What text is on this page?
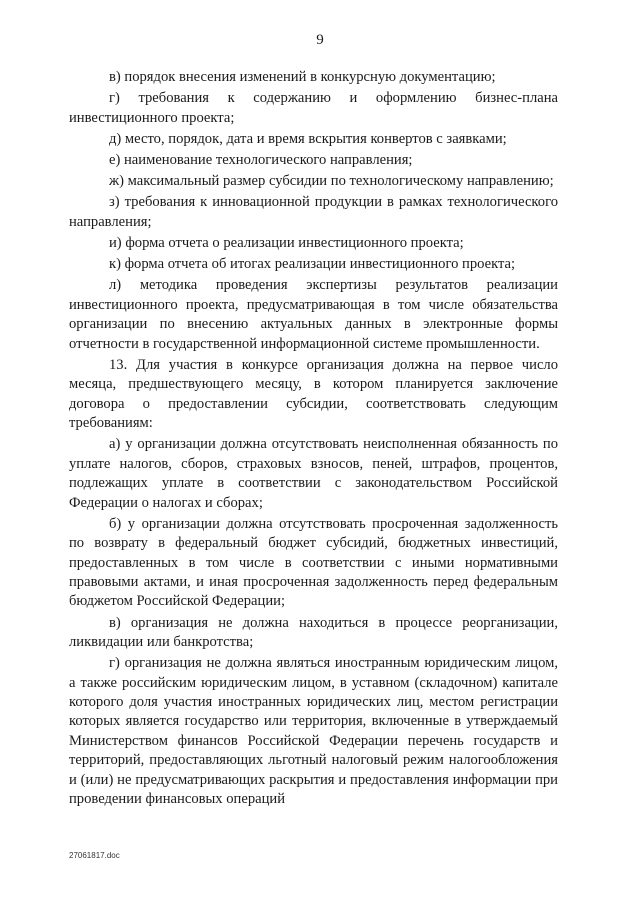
9

в) порядок внесения изменений в конкурсную документацию;

г) требования к содержанию и оформлению бизнес-плана инвестиционного проекта;

д) место, порядок, дата и время вскрытия конвертов с заявками;

е) наименование технологического направления;

ж) максимальный размер субсидии по технологическому направлению;

з) требования к инновационной продукции в рамках технологического направления;

и) форма отчета о реализации инвестиционного проекта;

к) форма отчета об итогах реализации инвестиционного проекта;

л) методика проведения экспертизы результатов реализации инвестиционного проекта, предусматривающая в том числе обязательства организации по внесению актуальных данных в электронные формы отчетности в государственной информационной системе промышленности.

13. Для участия в конкурсе организация должна на первое число месяца, предшествующего месяцу, в котором планируется заключение договора о предоставлении субсидии, соответствовать следующим требованиям:

а) у организации должна отсутствовать неисполненная обязанность по уплате налогов, сборов, страховых взносов, пеней, штрафов, процентов, подлежащих уплате в соответствии с законодательством Российской Федерации о налогах и сборах;

б) у организации должна отсутствовать просроченная задолженность по возврату в федеральный бюджет субсидий, бюджетных инвестиций, предоставленных в том числе в соответствии с иными нормативными правовыми актами, и иная просроченная задолженность перед федеральным бюджетом Российской Федерации;

в) организация не должна находиться в процессе реорганизации, ликвидации или банкротства;

г) организация не должна являться иностранным юридическим лицом, а также российским юридическим лицом, в уставном (складочном) капитале которого доля участия иностранных юридических лиц, местом регистрации которых является государство или территория, включенные в утверждаемый Министерством финансов Российской Федерации перечень государств и территорий, предоставляющих льготный налоговый режим налогообложения и (или) не предусматривающих раскрытия и предоставления информации при проведении финансовых операций

27061817.doc
